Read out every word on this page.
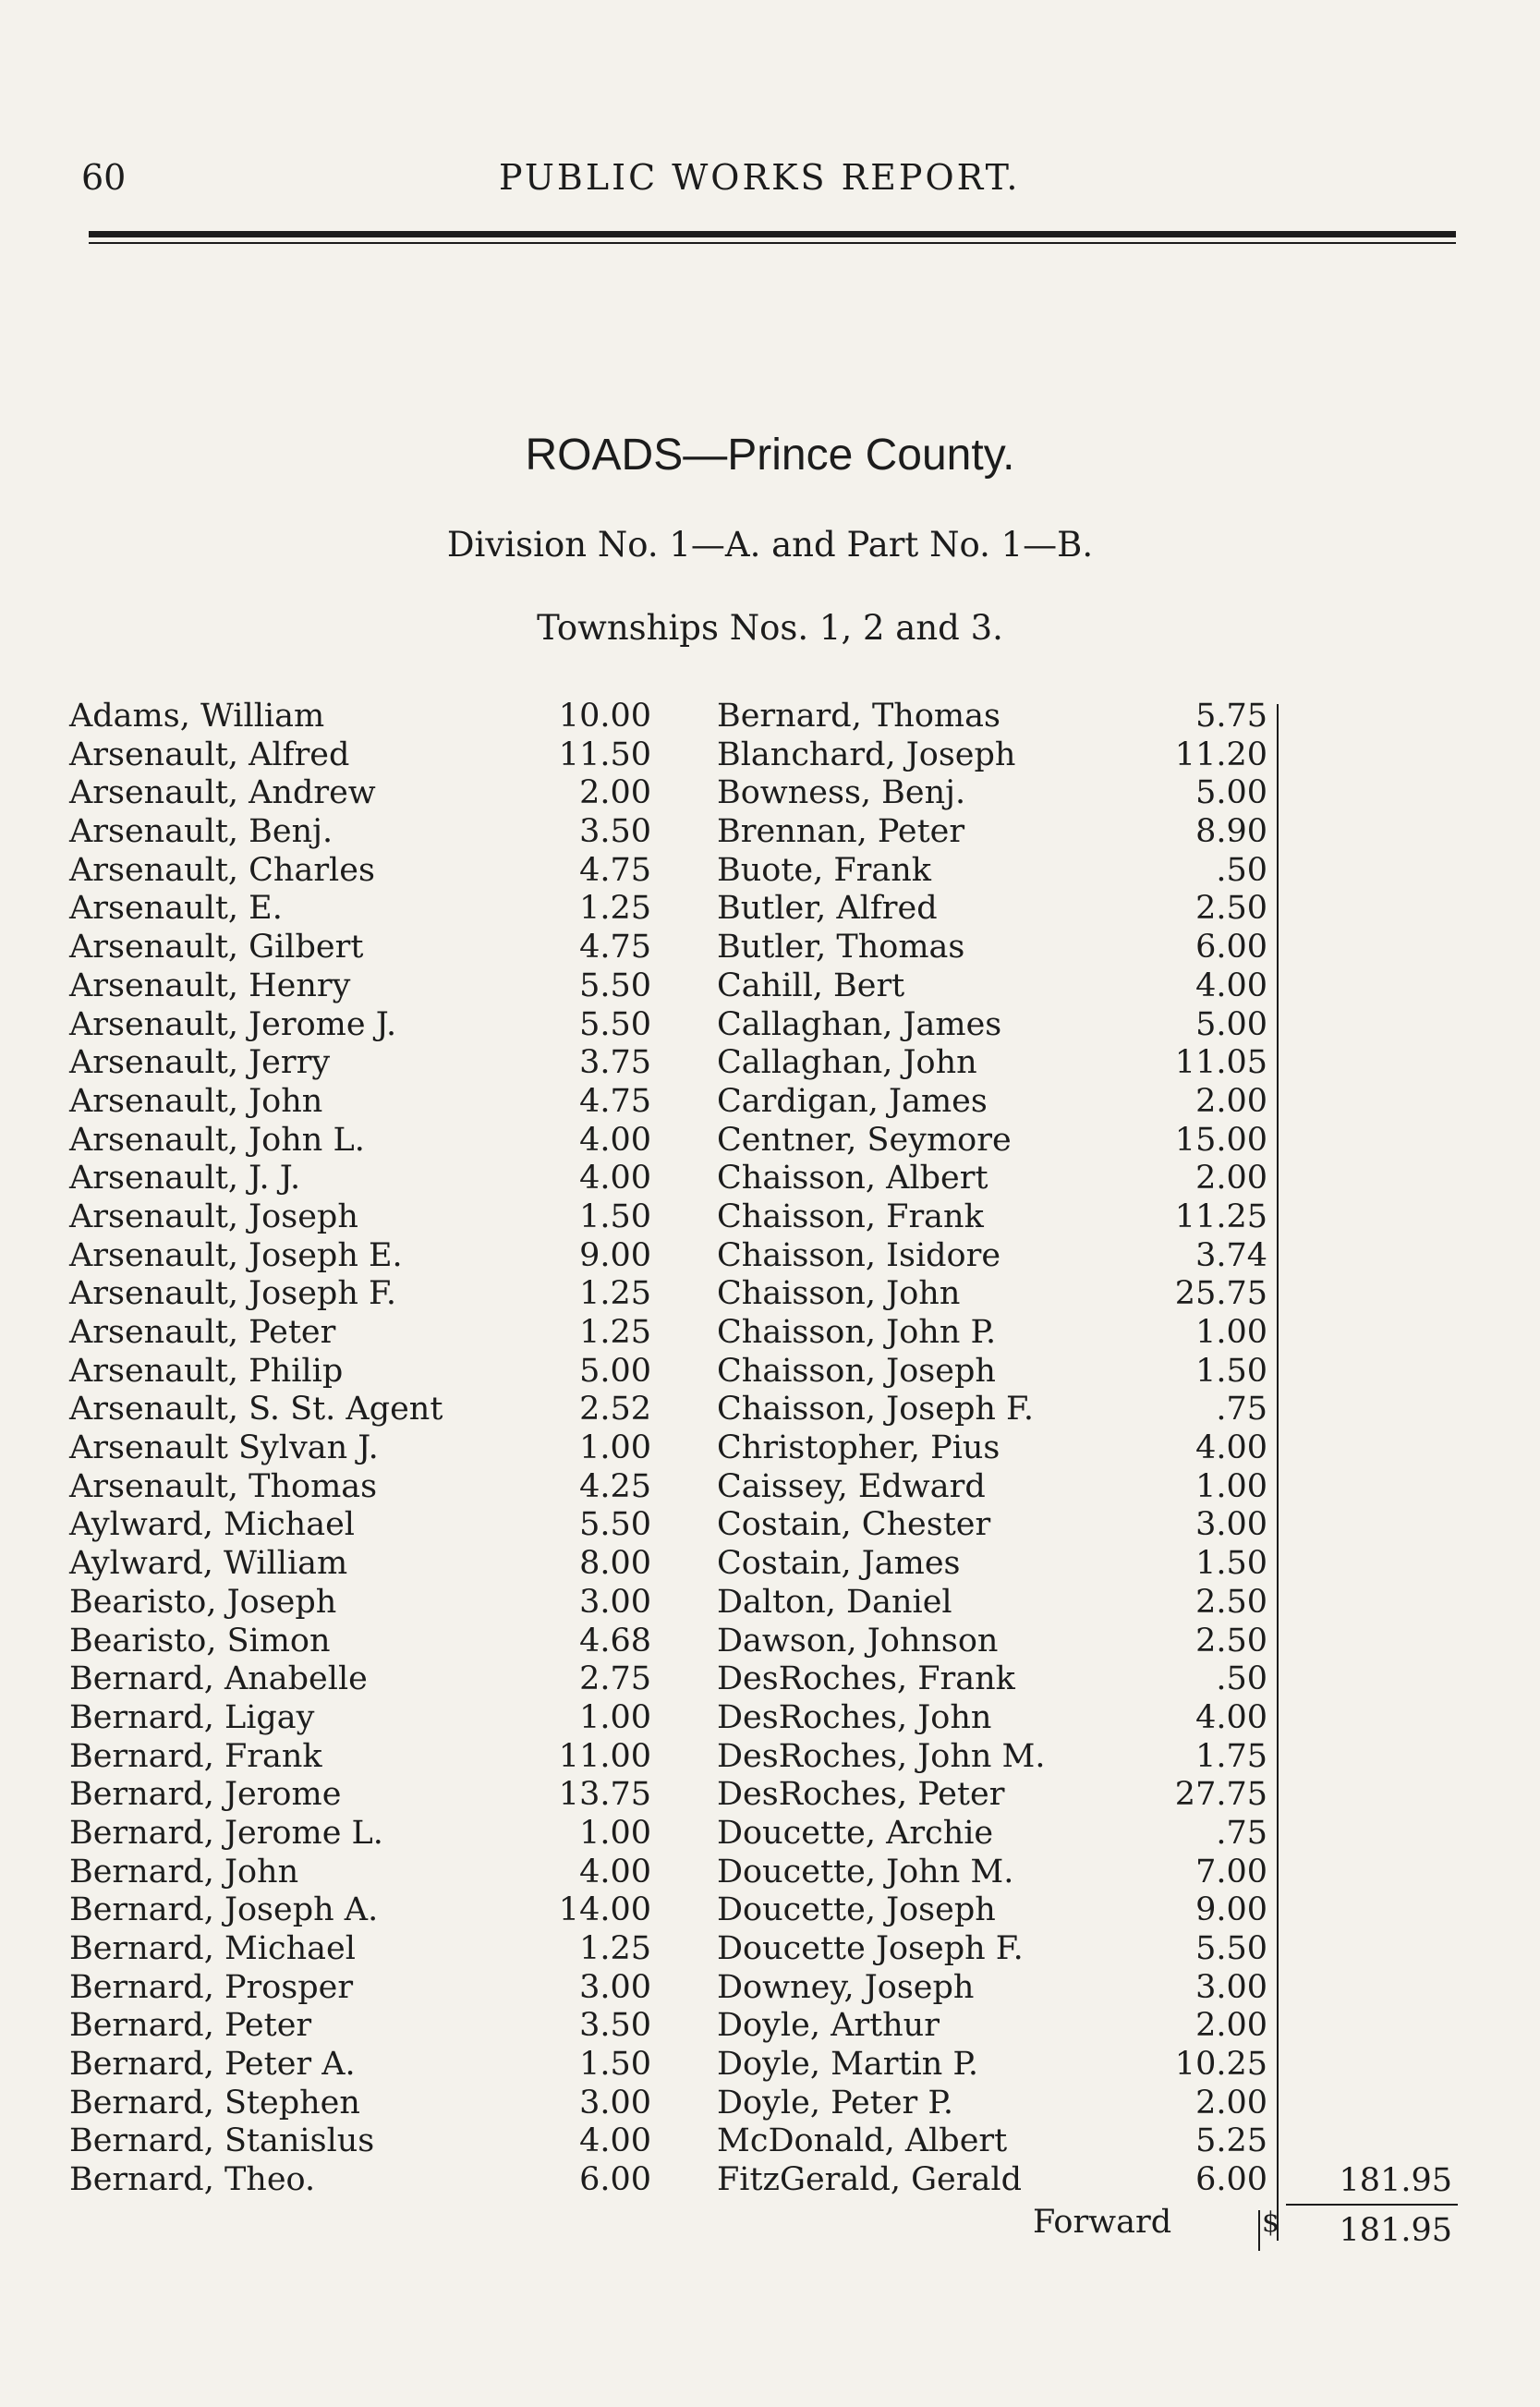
60	PUBLIC WORKS REPORT.
ROADS—Prince County.
Division No. 1—A. and Part No. 1—B.
Townships Nos. 1, 2 and 3.
Adams, William	10.00
Arsenault, Alfred	11.50
Arsenault, Andrew	2.00
Arsenault, Benj.	3.50
Arsenault, Charles	4.75
Arsenault, E.	1.25
Arsenault, Gilbert	4.75
Arsenault, Henry	5.50
Arsenault, Jerome J.	5.50
Arsenault, Jerry	3.75
Arsenault, John	4.75
Arsenault, John L.	4.00
Arsenault, J. J.	4.00
Arsenault, Joseph	1.50
Arsenault, Joseph E.	9.00
Arsenault, Joseph F.	1.25
Arsenault, Peter	1.25
Arsenault, Philip	5.00
Arsenault, S. St. Agent	2.52
Arsenault Sylvan J.	1.00
Arsenault, Thomas	4.25
Aylward, Michael	5.50
Aylward, William	8.00
Bearisto, Joseph	3.00
Bearisto, Simon	4.68
Bernard, Anabelle	2.75
Bernard, Ligay	1.00
Bernard, Frank	11.00
Bernard, Jerome	13.75
Bernard, Jerome L.	1.00
Bernard, John	4.00
Bernard, Joseph A.	14.00
Bernard, Michael	1.25
Bernard, Prosper	3.00
Bernard, Peter	3.50
Bernard, Peter A.	1.50
Bernard, Stephen	3.00
Bernard, Stanislus	4.00
Bernard, Theo.	6.00
Bernard, Thomas	5.75
Blanchard, Joseph	11.20
Bowness, Benj.	5.00
Brennan, Peter	8.90
Buote, Frank	.50
Butler, Alfred	2.50
Butler, Thomas	6.00
Cahill, Bert	4.00
Callaghan, James	5.00
Callaghan, John	11.05
Cardigan, James	2.00
Centner, Seymore	15.00
Chaisson, Albert	2.00
Chaisson, Frank	11.25
Chaisson, Isidore	3.74
Chaisson, John	25.75
Chaisson, John P.	1.00
Chaisson, Joseph	1.50
Chaisson, Joseph F.	.75
Christopher, Pius	4.00
Caissey, Edward	1.00
Costain, Chester	3.00
Costain, James	1.50
Dalton, Daniel	2.50
Dawson, Johnson	2.50
DesRoches, Frank	.50
DesRoches, John	4.00
DesRoches, John M.	1.75
DesRoches, Peter	27.75
Doucette, Archie	.75
Doucette, John M.	7.00
Doucette, Joseph	9.00
Doucette Joseph F.	5.50
Downey, Joseph	3.00
Doyle, Arthur	2.00
Doyle, Martin P.	10.25
Doyle, Peter P.	2.00
McDonald, Albert	5.25
FitzGerald, Gerald	6.00	181.95
Forward	$	181.95
